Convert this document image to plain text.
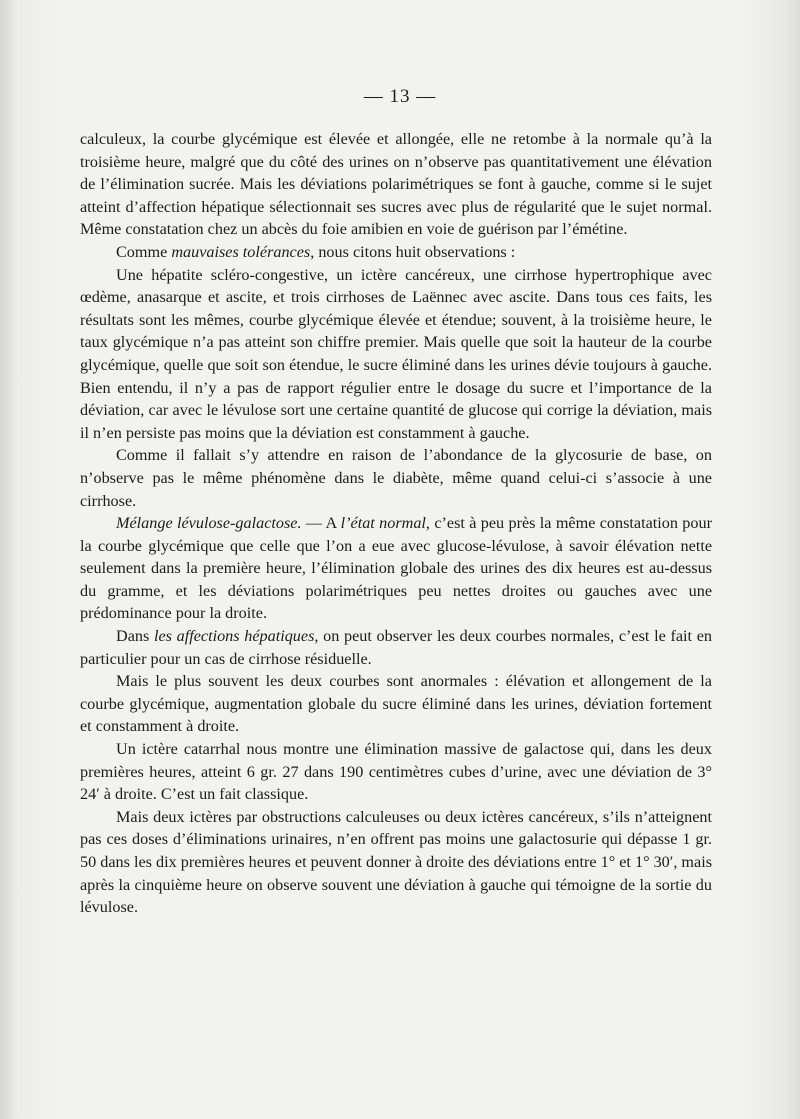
— 13 —

calculeux, la courbe glycémique est élevée et allongée, elle ne retombe à la normale qu’à la troisième heure, malgré que du côté des urines on n’observe pas quantitativement une élévation de l’élimination sucrée. Mais les déviations polarimétriques se font à gauche, comme si le sujet atteint d’affection hépatique sélectionnait ses sucres avec plus de régularité que le sujet normal. Même constatation chez un abcès du foie amibien en voie de guérison par l’émétine.

Comme mauvaises tolérances, nous citons huit observations :

Une hépatite scléro-congestive, un ictère cancéreux, une cirrhose hypertrophique avec œdème, anasarque et ascite, et trois cirrhoses de Laënnec avec ascite. Dans tous ces faits, les résultats sont les mêmes, courbe glycémique élevée et étendue; souvent, à la troisième heure, le taux glycémique n’a pas atteint son chiffre premier. Mais quelle que soit la hauteur de la courbe glycémique, quelle que soit son étendue, le sucre éliminé dans les urines dévie toujours à gauche. Bien entendu, il n’y a pas de rapport régulier entre le dosage du sucre et l’importance de la déviation, car avec le lévulose sort une certaine quantité de glucose qui corrige la déviation, mais il n’en persiste pas moins que la déviation est constamment à gauche.

Comme il fallait s’y attendre en raison de l’abondance de la glycosurie de base, on n’observe pas le même phénomène dans le diabète, même quand celui-ci s’associe à une cirrhose.

Mélange lévulose-galactose. — A l’état normal, c’est à peu près la même constatation pour la courbe glycémique que celle que l’on a eue avec glucose-lévulose, à savoir élévation nette seulement dans la première heure, l’élimination globale des urines des dix heures est au-dessus du gramme, et les déviations polarimétriques peu nettes droites ou gauches avec une prédominance pour la droite.

Dans les affections hépatiques, on peut observer les deux courbes normales, c’est le fait en particulier pour un cas de cirrhose résiduelle.

Mais le plus souvent les deux courbes sont anormales : élévation et allongement de la courbe glycémique, augmentation globale du sucre éliminé dans les urines, déviation fortement et constamment à droite.

Un ictère catarrhal nous montre une élimination massive de galactose qui, dans les deux premières heures, atteint 6 gr. 27 dans 190 centimètres cubes d’urine, avec une déviation de 3° 24′ à droite. C’est un fait classique.

Mais deux ictères par obstructions calculeuses ou deux ictères cancéreux, s’ils n’atteignent pas ces doses d’éliminations urinaires, n’en offrent pas moins une galactosurie qui dépasse 1 gr. 50 dans les dix premières heures et peuvent donner à droite des déviations entre 1° et 1° 30′, mais après la cinquième heure on observe souvent une déviation à gauche qui témoigne de la sortie du lévulose.
